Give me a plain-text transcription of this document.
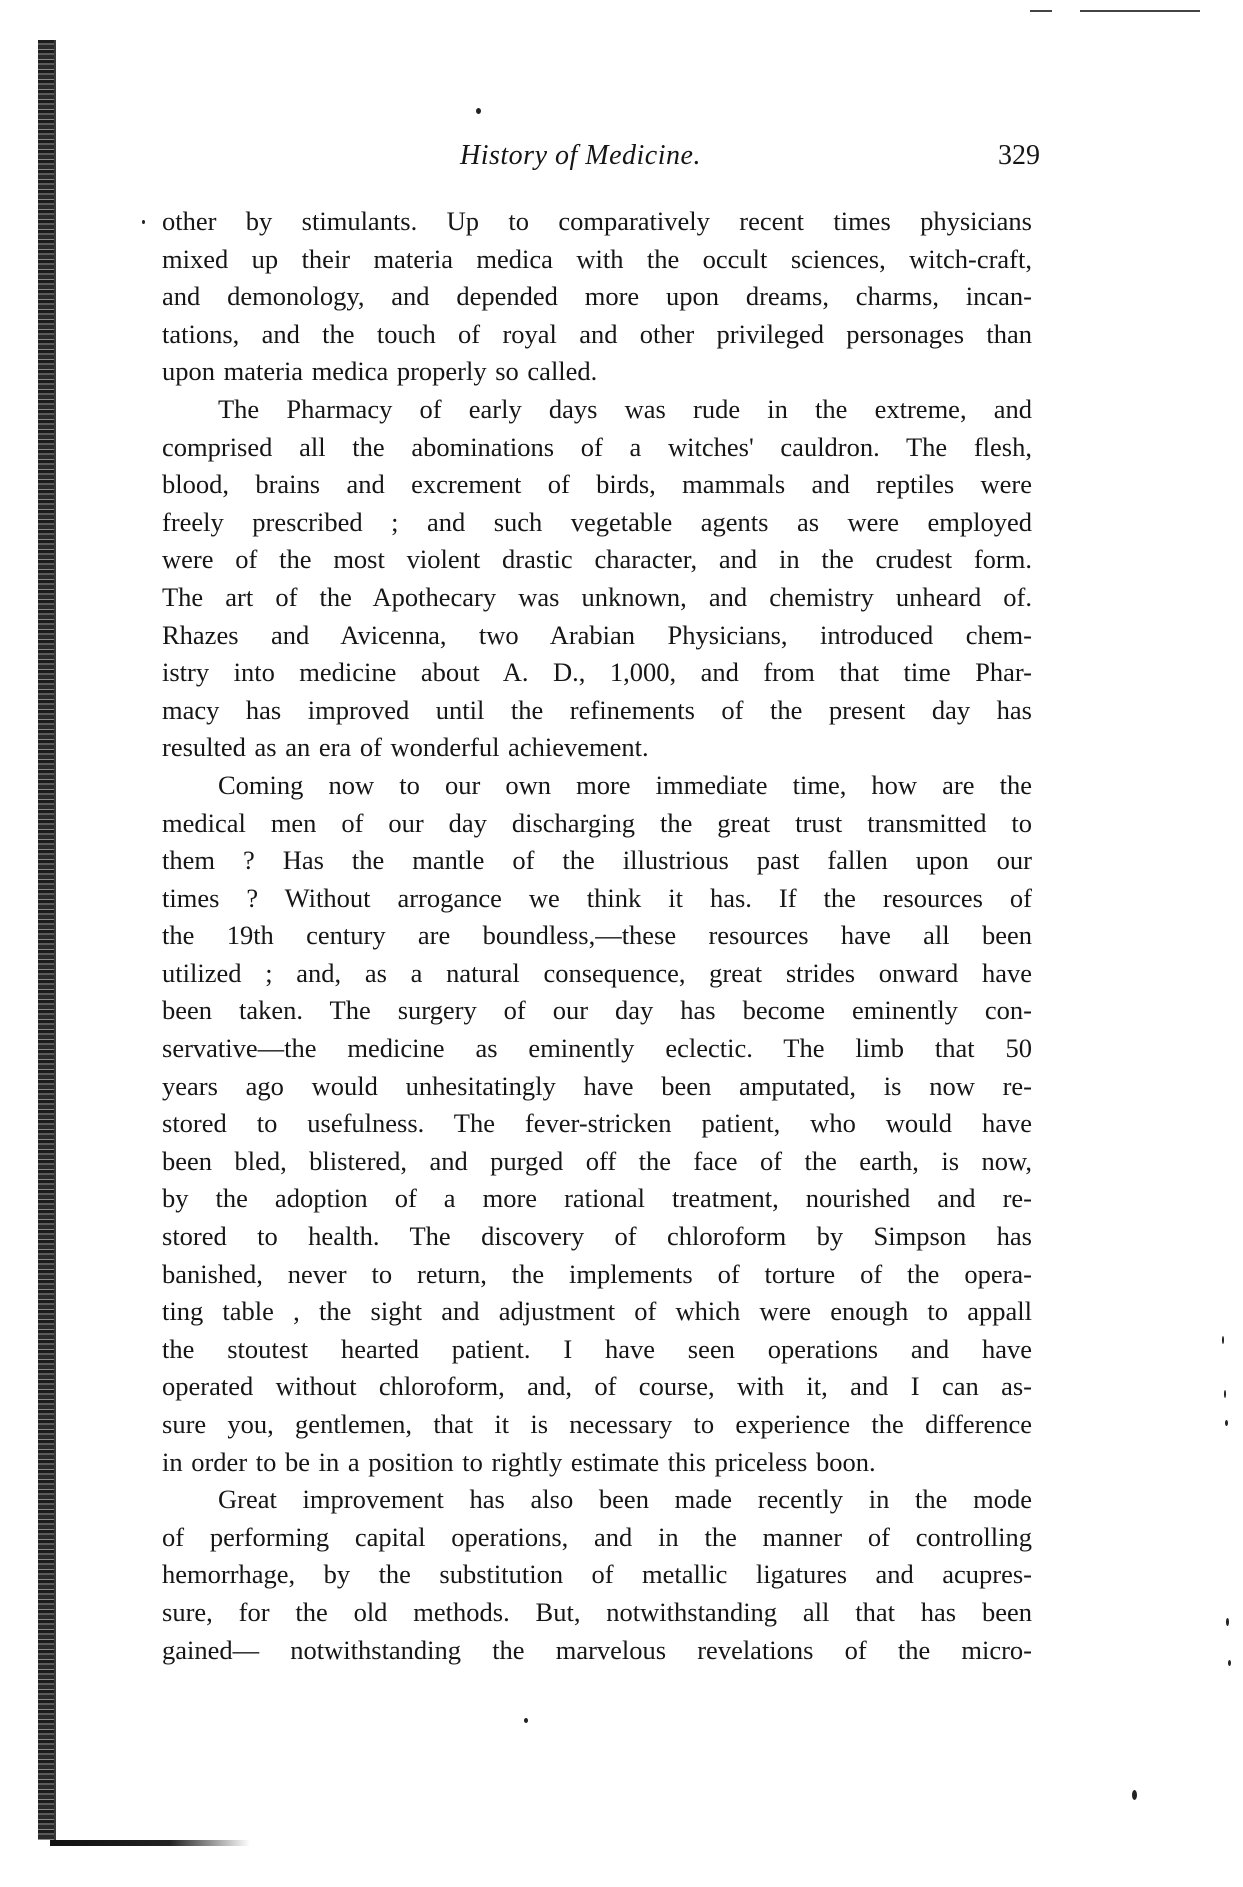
History of Medicine.	329

other by stimulants. Up to comparatively recent times physicians
mixed up their materia medica with the occult sciences, witch-craft,
and demonology, and depended more upon dreams, charms, incan-
tations, and the touch of royal and other privileged personages than
upon materia medica properly so called.

The Pharmacy of early days was rude in the extreme, and
comprised all the abominations of a witches' cauldron. The flesh,
blood, brains and excrement of birds, mammals and reptiles were
freely prescribed ; and such vegetable agents as were employed
were of the most violent drastic character, and in the crudest form.
The art of the Apothecary was unknown, and chemistry unheard of.
Rhazes and Avicenna, two Arabian Physicians, introduced chem-
istry into medicine about A. D., 1,000, and from that time Phar-
macy has improved until the refinements of the present day has
resulted as an era of wonderful achievement.

Coming now to our own more immediate time, how are the
medical men of our day discharging the great trust transmitted to
them ? Has the mantle of the illustrious past fallen upon our
times ? Without arrogance we think it has. If the resources of
the 19th century are boundless,—these resources have all been
utilized ; and, as a natural consequence, great strides onward have
been taken. The surgery of our day has become eminently con-
servative—the medicine as eminently eclectic. The limb that 50
years ago would unhesitatingly have been amputated, is now re-
stored to usefulness. The fever-stricken patient, who would have
been bled, blistered, and purged off the face of the earth, is now,
by the adoption of a more rational treatment, nourished and re-
stored to health. The discovery of chloroform by Simpson has
banished, never to return, the implements of torture of the opera-
ting table , the sight and adjustment of which were enough to appall
the stoutest hearted patient. I have seen operations and have
operated without chloroform, and, of course, with it, and I can as-
sure you, gentlemen, that it is necessary to experience the difference
in order to be in a position to rightly estimate this priceless boon.

Great improvement has also been made recently in the mode
of performing capital operations, and in the manner of controlling
hemorrhage, by the substitution of metallic ligatures and acupres-
sure, for the old methods. But, notwithstanding all that has been
gained— notwithstanding the marvelous revelations of the micro-
